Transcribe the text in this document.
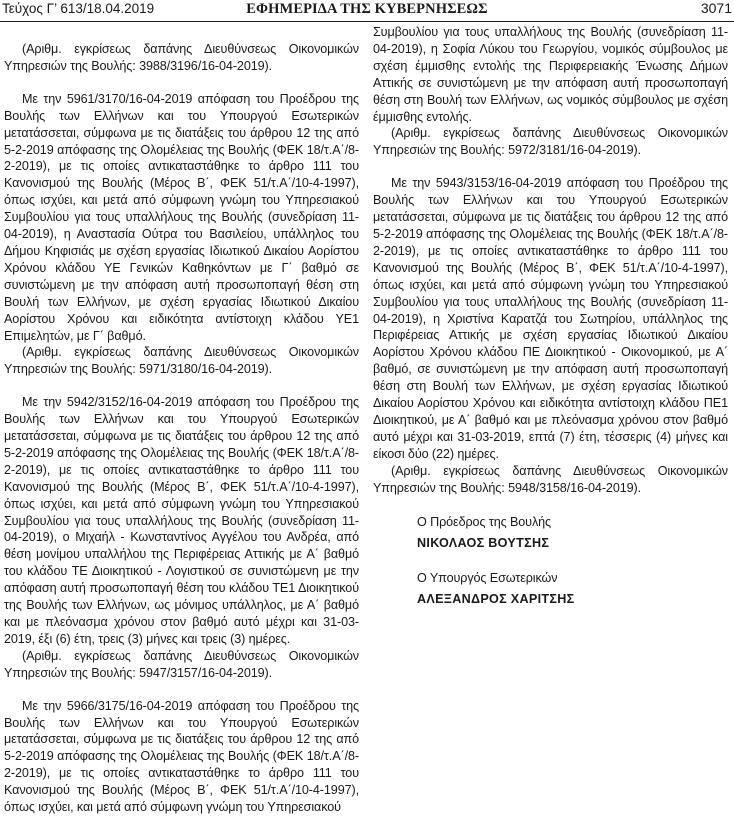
Τεύχος Γ’ 613/18.04.2019	ΕΦΗΜΕΡΙΔΑ ΤΗΣ ΚΥΒΕΡΝΗΣΕΩΣ	3071

(Αριθμ. εγκρίσεως δαπάνης Διευθύνσεως Οικονομικών Υπηρεσιών της Βουλής: 3988/3196/16-04-2019).

Με την 5961/3170/16-04-2019 απόφαση του Προέδρου της Βουλής των Ελλήνων και του Υπουργού Εσωτερικών μετατάσσεται, σύμφωνα με τις διατάξεις του άρθρου 12 της από 5-2-2019 απόφασης της Ολομέλειας της Βουλής (ΦΕΚ 18/τ.Α΄/8-2-2019), με τις οποίες αντικαταστάθηκε το άρθρο 111 του Κανονισμού της Βουλής (Μέρος Β΄, ΦΕΚ 51/τ.Α΄/10-4-1997), όπως ισχύει, και μετά από σύμφωνη γνώμη του Υπηρεσιακού Συμβουλίου για τους υπαλλήλους της Βουλής (συνεδρίαση 11-04-2019), η Αναστασία Ούτρα του Βασιλείου, υπάλληλος του Δήμου Κηφισιάς με σχέση εργασίας Ιδιωτικού Δικαίου Αορίστου Χρόνου κλάδου ΥΕ Γενικών Καθηκόντων με Γ΄ βαθμό σε συνιστώμενη με την απόφαση αυτή προσωποπαγή θέση στη Βουλή των Ελλήνων, με σχέση εργασίας Ιδιωτικού Δικαίου Αορίστου Χρόνου και ειδικότητα αντίστοιχη κλάδου ΥΕ1 Επιμελητών, με Γ΄ βαθμό.

(Αριθμ. εγκρίσεως δαπάνης Διευθύνσεως Οικονομικών Υπηρεσιών της Βουλής: 5971/3180/16-04-2019).

Με την 5942/3152/16-04-2019 απόφαση του Προέδρου της Βουλής των Ελλήνων και του Υπουργού Εσωτερικών μετατάσσεται, σύμφωνα με τις διατάξεις του άρθρου 12 της από 5-2-2019 απόφασης της Ολομέλειας της Βουλής (ΦΕΚ 18/τ.Α΄/8-2-2019), με τις οποίες αντικαταστάθηκε το άρθρο 111 του Κανονισμού της Βουλής (Μέρος Β΄, ΦΕΚ 51/τ.Α΄/10-4-1997), όπως ισχύει, και μετά από σύμφωνη γνώμη του Υπηρεσιακού Συμβουλίου για τους υπαλλήλους της Βουλής (συνεδρίαση 11-04-2019), ο Μιχαήλ - Κωνσταντίνος Αγγέλου του Ανδρέα, από θέση μονίμου υπαλλήλου της Περιφέρειας Αττικής με Α΄ βαθμό του κλάδου ΤΕ Διοικητικού - Λογιστικού σε συνιστώμενη με την απόφαση αυτή προσωποπαγή θέση του κλάδου ΤΕ1 Διοικητικού της Βουλής των Ελλήνων, ως μόνιμος υπάλληλος, με Α΄ βαθμό και με πλεόνασμα χρόνου στον βαθμό αυτό μέχρι και 31-03-2019, έξι (6) έτη, τρεις (3) μήνες και τρεις (3) ημέρες.

(Αριθμ. εγκρίσεως δαπάνης Διευθύνσεως Οικονομικών Υπηρεσιών της Βουλής: 5947/3157/16-04-2019).

Με την 5966/3175/16-04-2019 απόφαση του Προέδρου της Βουλής των Ελλήνων και του Υπουργού Εσωτερικών μετατάσσεται, σύμφωνα με τις διατάξεις του άρθρου 12 της από 5-2-2019 απόφασης της Ολομέλειας της Βουλής (ΦΕΚ 18/τ.Α΄/8-2-2019), με τις οποίες αντικαταστάθηκε το άρθρο 111 του Κανονισμού της Βουλής (Μέρος Β΄, ΦΕΚ 51/τ.Α΄/10-4-1997), όπως ισχύει, και μετά από σύμφωνη γνώμη του Υπηρεσιακού

Συμβουλίου για τους υπαλλήλους της Βουλής (συνεδρίαση 11-04-2019), η Σοφία Λύκου του Γεωργίου, νομικός σύμβουλος με σχέση έμμισθης εντολής της Περιφερειακής Ένωσης Δήμων Αττικής σε συνιστώμενη με την απόφαση αυτή προσωποπαγή θέση στη Βουλή των Ελλήνων, ως νομικός σύμβουλος με σχέση έμμισθης εντολής.

(Αριθμ. εγκρίσεως δαπάνης Διευθύνσεως Οικονομικών Υπηρεσιών της Βουλής: 5972/3181/16-04-2019).

Με την 5943/3153/16-04-2019 απόφαση του Προέδρου της Βουλής των Ελλήνων και του Υπουργού Εσωτερικών μετατάσσεται, σύμφωνα με τις διατάξεις του άρθρου 12 της από 5-2-2019 απόφασης της Ολομέλειας της Βουλής (ΦΕΚ 18/τ.Α΄/8-2-2019), με τις οποίες αντικαταστάθηκε το άρθρο 111 του Κανονισμού της Βουλής (Μέρος Β΄, ΦΕΚ 51/τ.Α΄/10-4-1997), όπως ισχύει, και μετά από σύμφωνη γνώμη του Υπηρεσιακού Συμβουλίου για τους υπαλλήλους της Βουλής (συνεδρίαση 11-04-2019), η Χριστίνα Καρατζά του Σωτηρίου, υπάλληλος της Περιφέρειας Αττικής με σχέση εργασίας Ιδιωτικού Δικαίου Αορίστου Χρόνου κλάδου ΠΕ Διοικητικού - Οικονομικού, με Α΄ βαθμό, σε συνιστώμενη με την απόφαση αυτή προσωποπαγή θέση στη Βουλή των Ελλήνων, με σχέση εργασίας Ιδιωτικού Δικαίου Αορίστου Χρόνου και ειδικότητα αντίστοιχη κλάδου ΠΕ1 Διοικητικού, με Α΄ βαθμό και με πλεόνασμα χρόνου στον βαθμό αυτό μέχρι και 31-03-2019, επτά (7) έτη, τέσσερις (4) μήνες και είκοσι δύο (22) ημέρες.

(Αριθμ. εγκρίσεως δαπάνης Διευθύνσεως Οικονομικών Υπηρεσιών της Βουλής: 5948/3158/16-04-2019).

Ο Πρόεδρος της Βουλής

ΝΙΚΟΛΑΟΣ ΒΟΥΤΣΗΣ

Ο Υπουργός Εσωτερικών

ΑΛΕΞΑΝΔΡΟΣ ΧΑΡΙΤΣΗΣ
